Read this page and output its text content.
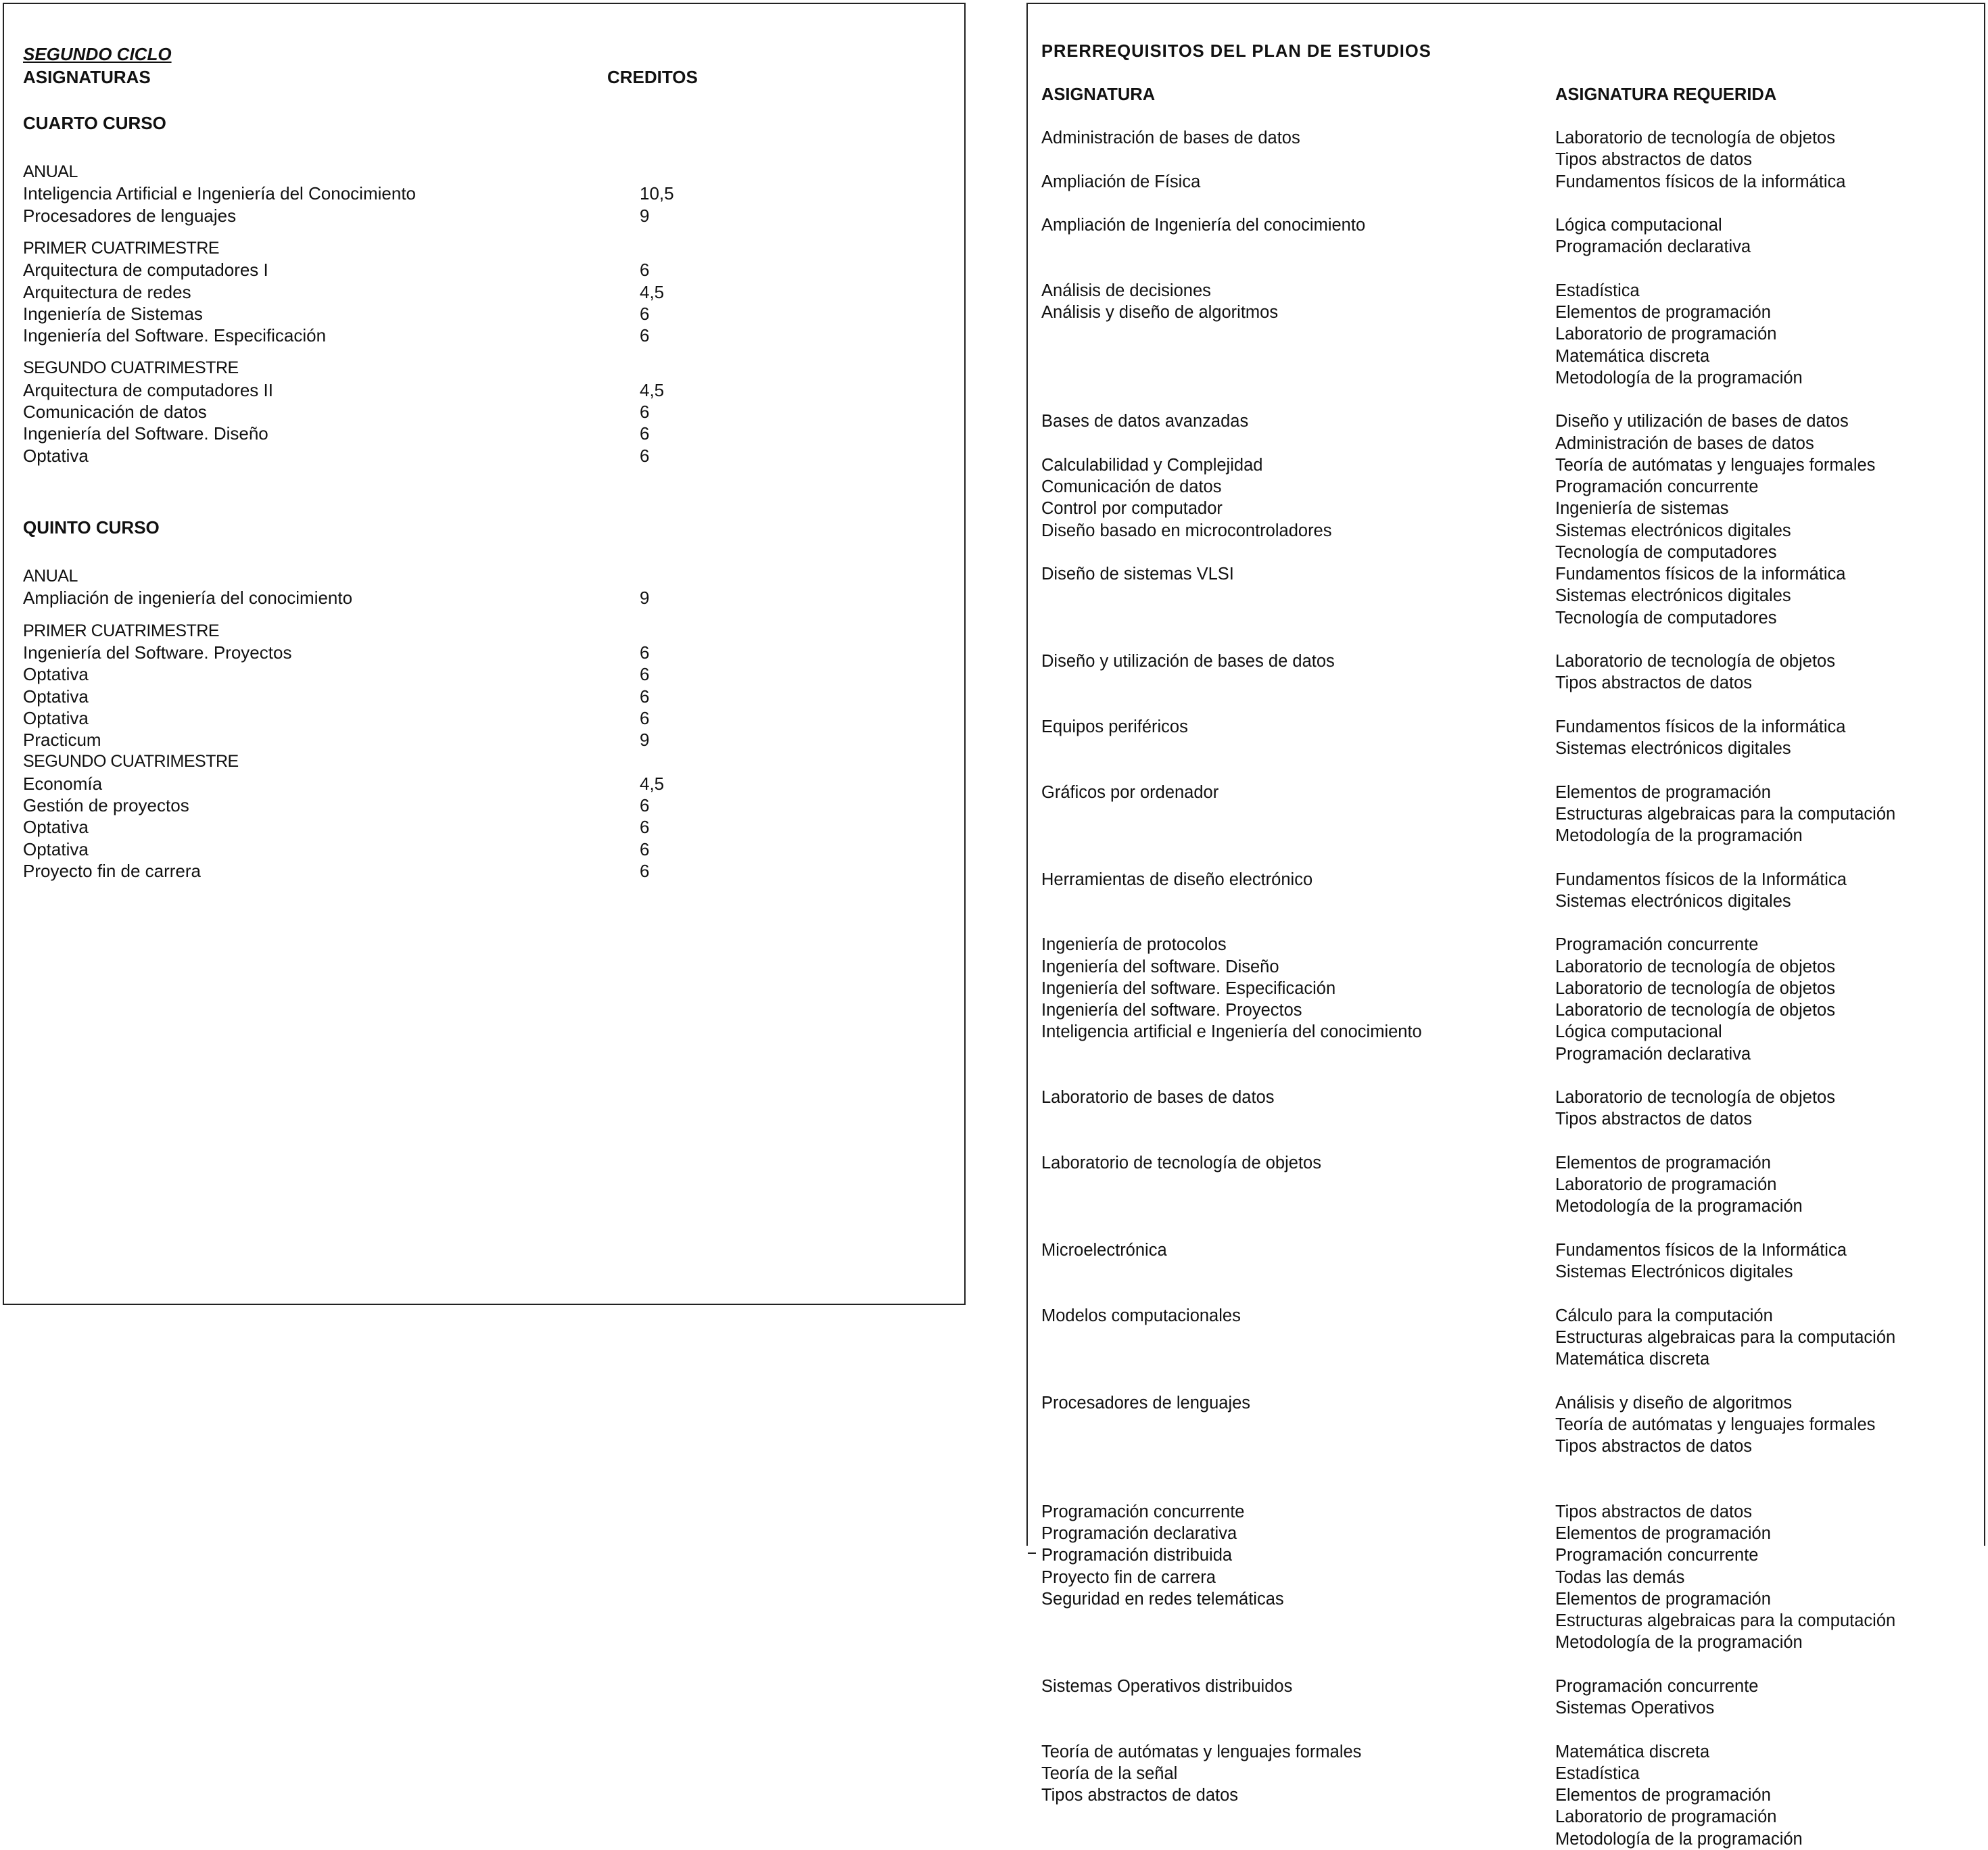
SEGUNDO CICLO
ASIGNATURAS	CREDITOS
CUARTO CURSO
ANUAL
Inteligencia Artificial e Ingeniería del Conocimiento	10,5
Procesadores de lenguajes	9
PRIMER CUATRIMESTRE
Arquitectura de computadores I	6
Arquitectura de redes	4,5
Ingeniería de Sistemas	6
Ingeniería del Software. Especificación	6
SEGUNDO CUATRIMESTRE
Arquitectura de computadores II	4,5
Comunicación de datos	6
Ingeniería del Software. Diseño	6
Optativa	6
QUINTO CURSO
ANUAL
Ampliación de ingeniería del conocimiento	9
PRIMER CUATRIMESTRE
Ingeniería del Software. Proyectos	6
Optativa	6
Optativa	6
Optativa	6
Practicum	9
SEGUNDO CUATRIMESTRE
Economía	4,5
Gestión de proyectos	6
Optativa	6
Optativa	6
Proyecto fin de carrera	6
PRERREQUISITOS DEL PLAN DE ESTUDIOS
ASIGNATURA	ASIGNATURA REQUERIDA
Administración de bases de datos	Laboratorio de tecnología de objetos
Tipos abstractos de datos
Ampliación de Física	Fundamentos físicos de la informática
Ampliación de Ingeniería del conocimiento	Lógica computacional
Programación declarativa
Análisis de decisiones	Estadística
Análisis y diseño de algoritmos	Elementos de programación
Laboratorio de programación
Matemática discreta
Metodología de la programación
Bases de datos avanzadas	Diseño y utilización de bases de datos
Administración de bases de datos
Calculabilidad y Complejidad	Teoría de autómatas y lenguajes formales
Comunicación de datos	Programación concurrente
Control por computador	Ingeniería de sistemas
Diseño basado en microcontroladores	Sistemas electrónicos digitales
Tecnología de computadores
Diseño de sistemas VLSI	Fundamentos físicos de la informática
Sistemas electrónicos digitales
Tecnología de computadores
Diseño y utilización de bases de datos	Laboratorio de tecnología de objetos
Tipos abstractos de datos
Equipos periféricos	Fundamentos físicos de la informática
Sistemas electrónicos digitales
Gráficos por ordenador	Elementos de programación
Estructuras algebraicas para la computación
Metodología de la programación
Herramientas de diseño electrónico	Fundamentos físicos de la Informática
Sistemas electrónicos digitales
Ingeniería de protocolos	Programación concurrente
Ingeniería del software. Diseño	Laboratorio de tecnología de objetos
Ingeniería del software. Especificación	Laboratorio de tecnología de objetos
Ingeniería del software. Proyectos	Laboratorio de tecnología de objetos
Inteligencia artificial e Ingeniería del conocimiento	Lógica computacional
Programación declarativa
Laboratorio de bases de datos	Laboratorio de tecnología de objetos
Tipos abstractos de datos
Laboratorio de tecnología de objetos	Elementos de programación
Laboratorio de programación
Metodología de la programación
Microelectrónica	Fundamentos físicos de la Informática
Sistemas Electrónicos digitales
Modelos computacionales	Cálculo para la computación
Estructuras algebraicas para la computación
Matemática discreta
Procesadores de lenguajes	Análisis y diseño de algoritmos
Teoría de autómatas y lenguajes formales
Tipos abstractos de datos
Programación concurrente	Tipos abstractos de datos
Programación declarativa	Elementos de programación
Programación distribuida	Programación concurrente
Proyecto fin de carrera	Todas las demás
Seguridad en redes telemáticas	Elementos de programación
Estructuras algebraicas para la computación
Metodología de la programación
Sistemas Operativos distribuidos	Programación concurrente
Sistemas Operativos
Teoría de autómatas y lenguajes formales	Matemática discreta
Teoría de la señal	Estadística
Tipos abstractos de datos	Elementos de programación
Laboratorio de programación
Metodología de la programación
